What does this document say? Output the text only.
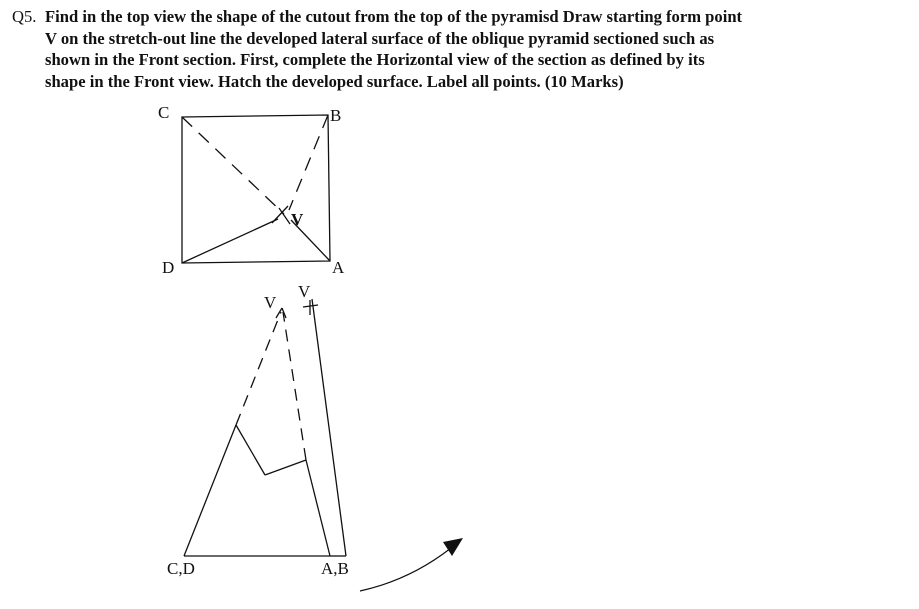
Q5. Find in the top view the shape of the cutout from the top of the pyramisd Draw starting form point
V on the stretch-out line the developed lateral surface of the oblique pyramid sectioned such as
shown in the Front section. First, complete the Horizontal view of the section as defined by its
shape in the Front view. Hatch the developed surface. Label all points. (10 Marks)
C	B
D	A
V
V
V
C,D	A,B
